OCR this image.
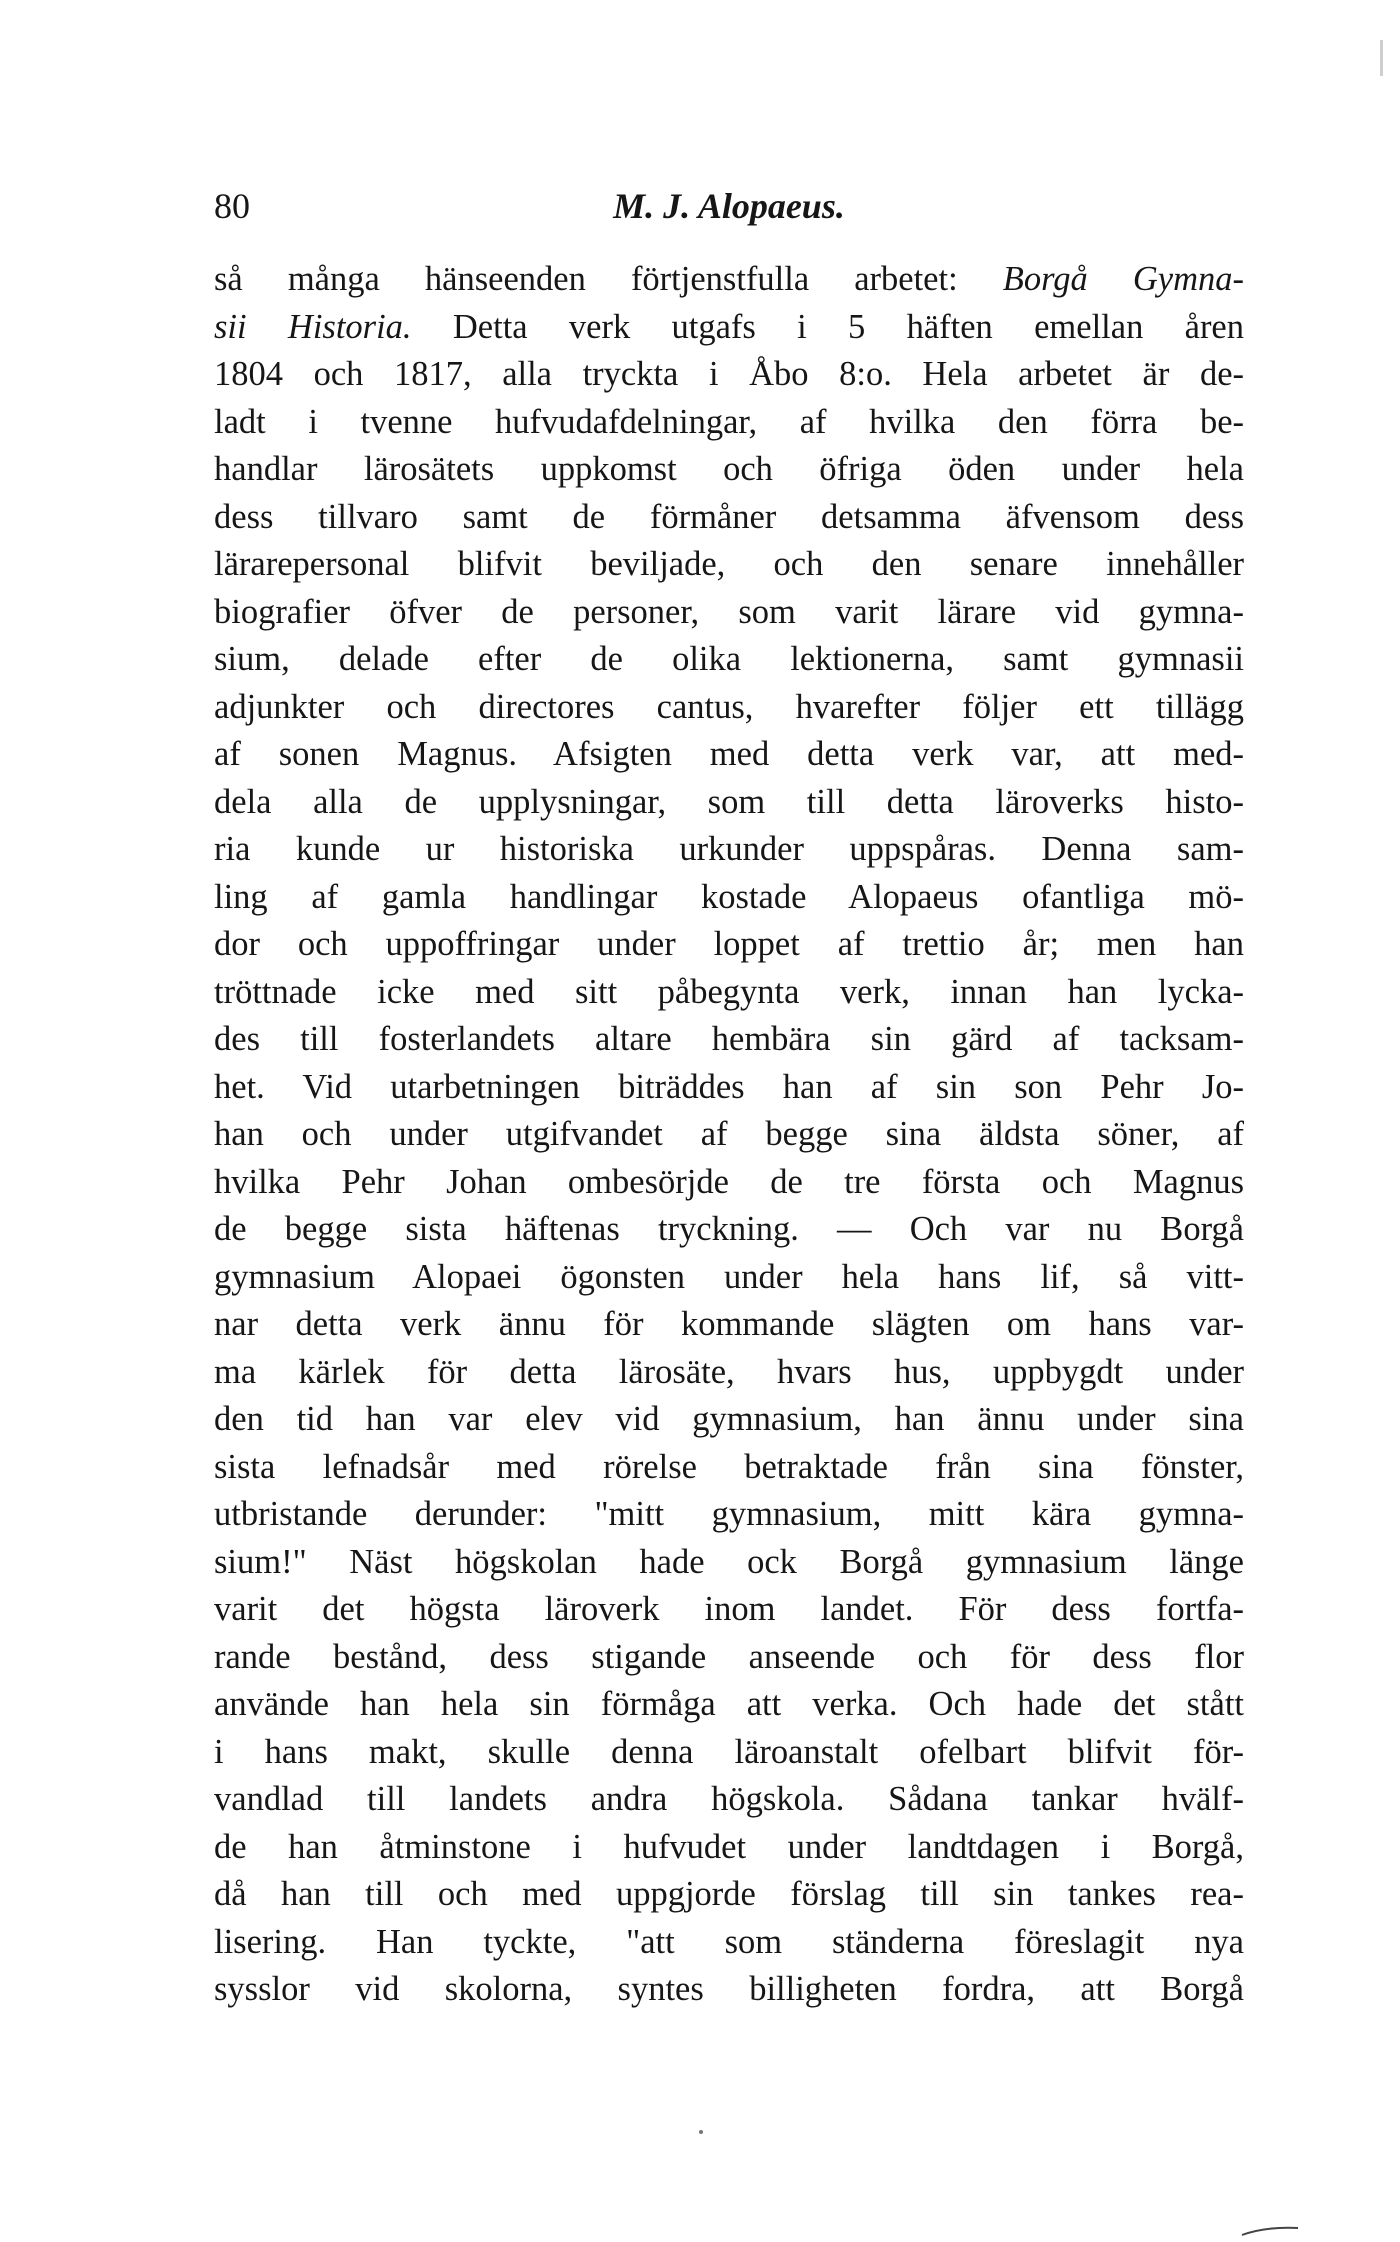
80	M. J. Alopaeus.
så många hänseenden förtjenstfulla arbetet: Borgå Gymna-
sii Historia. Detta verk utgafs i 5 häften emellan åren
1804 och 1817, alla tryckta i Åbo 8:o. Hela arbetet är de-
ladt i tvenne hufvudafdelningar, af hvilka den förra be-
handlar lärosätets uppkomst och öfriga öden under hela
dess tillvaro samt de förmåner detsamma äfvensom dess
lärarepersonal blifvit beviljade, och den senare innehåller
biografier öfver de personer, som varit lärare vid gymna-
sium, delade efter de olika lektionerna, samt gymnasii
adjunkter och directores cantus, hvarefter följer ett tillägg
af sonen Magnus. Afsigten med detta verk var, att med-
dela alla de upplysningar, som till detta läroverks histo-
ria kunde ur historiska urkunder uppspåras. Denna sam-
ling af gamla handlingar kostade Alopaeus ofantliga mö-
dor och uppoffringar under loppet af trettio år; men han
tröttnade icke med sitt påbegynta verk, innan han lycka-
des till fosterlandets altare hembära sin gärd af tacksam-
het. Vid utarbetningen biträddes han af sin son Pehr Jo-
han och under utgifvandet af begge sina äldsta söner, af
hvilka Pehr Johan ombesörjde de tre första och Magnus
de begge sista häftenas tryckning. — Och var nu Borgå
gymnasium Alopaei ögonsten under hela hans lif, så vitt-
nar detta verk ännu för kommande slägten om hans var-
ma kärlek för detta lärosäte, hvars hus, uppbygdt under
den tid han var elev vid gymnasium, han ännu under sina
sista lefnadsår med rörelse betraktade från sina fönster,
utbristande derunder: "mitt gymnasium, mitt kära gymna-
sium!" Näst högskolan hade ock Borgå gymnasium länge
varit det högsta läroverk inom landet. För dess fortfa-
rande bestånd, dess stigande anseende och för dess flor
använde han hela sin förmåga att verka. Och hade det stått
i hans makt, skulle denna läroanstalt ofelbart blifvit för-
vandlad till landets andra högskola. Sådana tankar hvälf-
de han åtminstone i hufvudet under landtdagen i Borgå,
då han till och med uppgjorde förslag till sin tankes rea-
lisering. Han tyckte, "att som ständerna föreslagit nya
sysslor vid skolorna, syntes billigheten fordra, att Borgå
